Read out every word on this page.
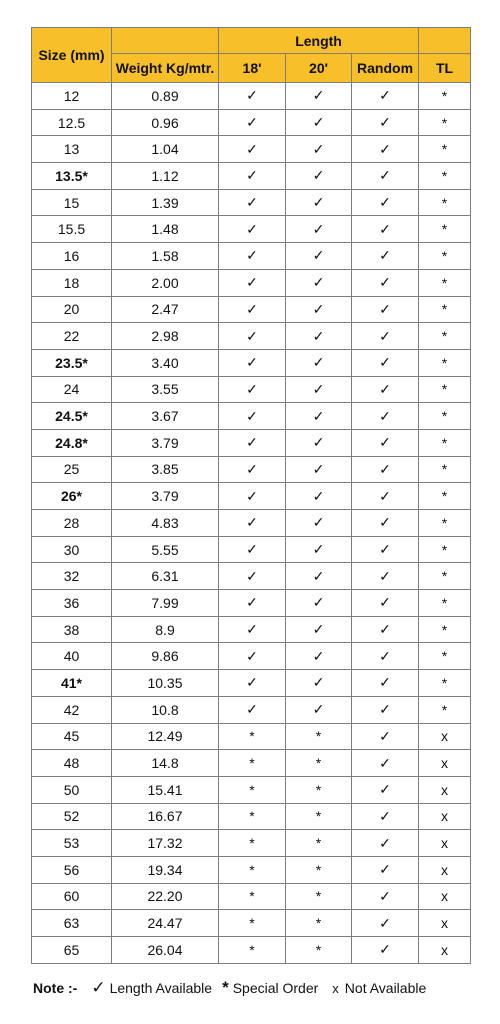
Size (mm)		Length			
	Weight Kg/mtr.	18'	20'	Random	TL
12	0.89	✓	✓	✓	*
12.5	0.96	✓	✓	✓	*
13	1.04	✓	✓	✓	*
13.5*	1.12	✓	✓	✓	*
15	1.39	✓	✓	✓	*
15.5	1.48	✓	✓	✓	*
16	1.58	✓	✓	✓	*
18	2.00	✓	✓	✓	*
20	2.47	✓	✓	✓	*
22	2.98	✓	✓	✓	*
23.5*	3.40	✓	✓	✓	*
24	3.55	✓	✓	✓	*
24.5*	3.67	✓	✓	✓	*
24.8*	3.79	✓	✓	✓	*
25	3.85	✓	✓	✓	*
26*	3.79	✓	✓	✓	*
28	4.83	✓	✓	✓	*
30	5.55	✓	✓	✓	*
32	6.31	✓	✓	✓	*
36	7.99	✓	✓	✓	*
38	8.9	✓	✓	✓	*
40	9.86	✓	✓	✓	*
41*	10.35	✓	✓	✓	*
42	10.8	✓	✓	✓	*
45	12.49	*	*	✓	x
48	14.8	*	*	✓	x
50	15.41	*	*	✓	x
52	16.67	*	*	✓	x
53	17.32	*	*	✓	x
56	19.34	*	*	✓	x
60	22.20	*	*	✓	x
63	24.47	*	*	✓	x
65	26.04	*	*	✓	x
Note :- ✓ Length Available * Special Order x Not Available
